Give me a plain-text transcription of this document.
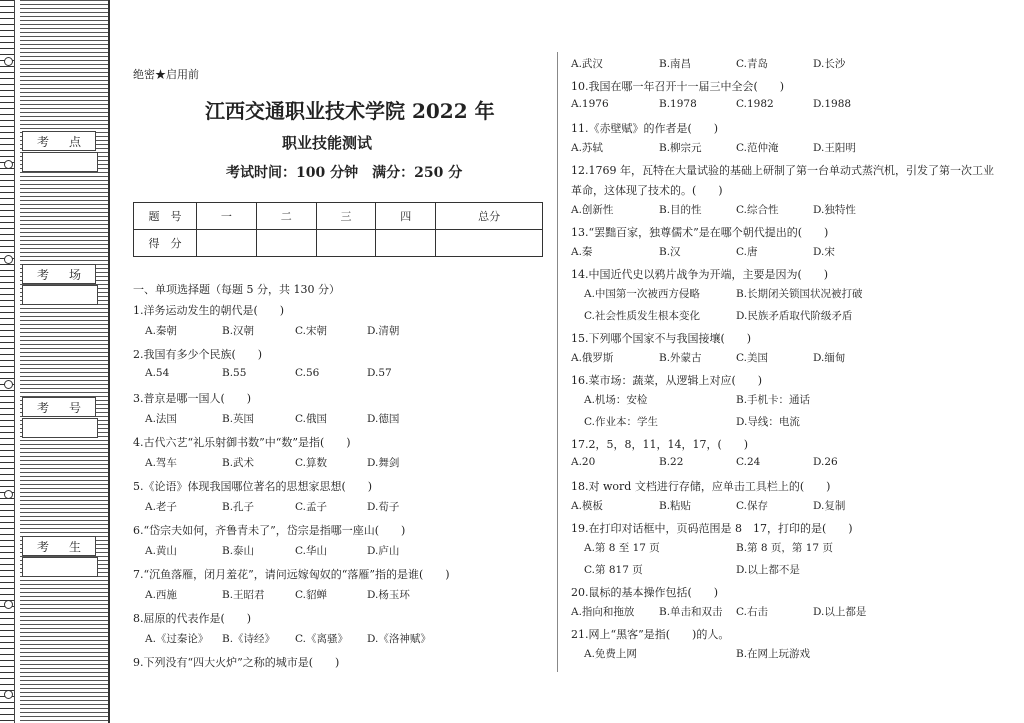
考 点
考 场
考 号
考 生
绝密★启用前
江西交通职业技术学院 2022 年
职业技能测试
考试时间：100 分钟　满分：250 分
题　号	一	二	三	四	总分
得　分					
一、单项选择题（每题 5 分，共 130 分）
1.洋务运动发生的朝代是(　　)
A.秦朝	B.汉朝	C.宋朝	D.清朝
2.我国有多少个民族(　　)
A.54	B.55	C.56	D.57
3.普京是哪一国人(　　)
A.法国	B.英国	C.俄国	D.德国
4.古代六艺“礼乐射御书数”中“数”是指(　　)
A.驾车	B.武术	C.算数	D.舞剑
5.《论语》体现我国哪位著名的思想家思想(　　)
A.老子	B.孔子	C.孟子	D.荀子
6.“岱宗夫如何，齐鲁青未了”，岱宗是指哪一座山(　　)
A.黄山	B.泰山	C.华山	D.庐山
7.“沉鱼落雁，闭月羞花”，请问远嫁匈奴的“落雁”指的是谁(　　)
A.西施	B.王昭君	C.貂蝉	D.杨玉环
8.屈原的代表作是(　　)
A.《过秦论》 B.《诗经》 C.《离骚》 D.《洛神赋》
9.下列没有“四大火炉”之称的城市是(　　)
A.武汉	B.南昌	C.青岛	D.长沙
10.我国在哪一年召开十一届三中全会(　　)
A.1976	B.1978	C.1982	D.1988
11.《赤壁赋》的作者是(　　)
A.苏轼	B.柳宗元	C.范仲淹	D.王阳明
12.1769 年，瓦特在大量试验的基础上研制了第一台单动式蒸汽机，引发了第一次工业
革命，这体现了技术的。(　　)
A.创新性	B.目的性	C.综合性	D.独特性
13.“罢黜百家，独尊儒术”是在哪个朝代提出的(　　)
A.秦	B.汉	C.唐	D.宋
14.中国近代史以鸦片战争为开端，主要是因为(　　)
A.中国第一次被西方侵略	B.长期闭关锁国状况被打破
C.社会性质发生根本变化	D.民族矛盾取代阶级矛盾
15.下列哪个国家不与我国接壤(　　)
A.俄罗斯	B.外蒙古	C.美国	D.缅甸
16.菜市场：蔬菜，从逻辑上对应(　　)
A.机场：安检	B.手机卡：通话
C.作业本：学生	D.导线：电流
17.2，5，8，11，14，17，(　　)
A.20	B.22	C.24	D.26
18.对 word 文档进行存储，应单击工具栏上的(　　)
A.模板	B.粘贴	C.保存	D.复制
19.在打印对话框中，页码范围是 8　17，打印的是(　　)
A.第 8 至 17 页	B.第 8 页，第 17 页
C.第 817 页	D.以上都不是
20.鼠标的基本操作包括(　　)
A.指向和拖放 B.单击和双击 C.右击	D.以上都是
21.网上“黑客”是指(　　)的人。
A.免费上网	B.在网上玩游戏
